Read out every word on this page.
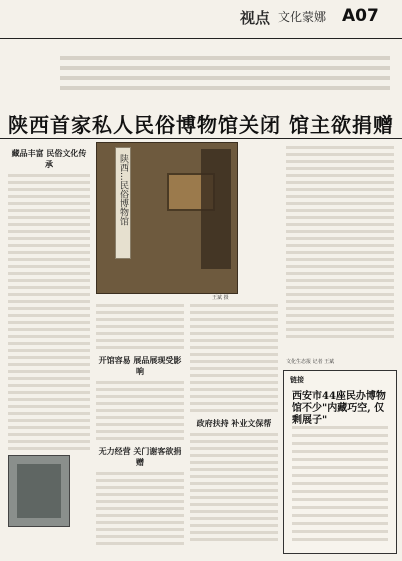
视点 文化蒙娜 A07
陕西首家私人民俗博物馆关闭 馆主欲捐赠
藏品丰富 民俗文化传承	陕西...民俗博物馆
王斌 摄
开馆容易 展品展现受影响
无力经营 关门谢客欲捐赠
政府扶持 补业文保帮
文化生态报 记者 王斌
链接
西安市44座民办博物馆不少"内藏巧空, 仅剩展子"
